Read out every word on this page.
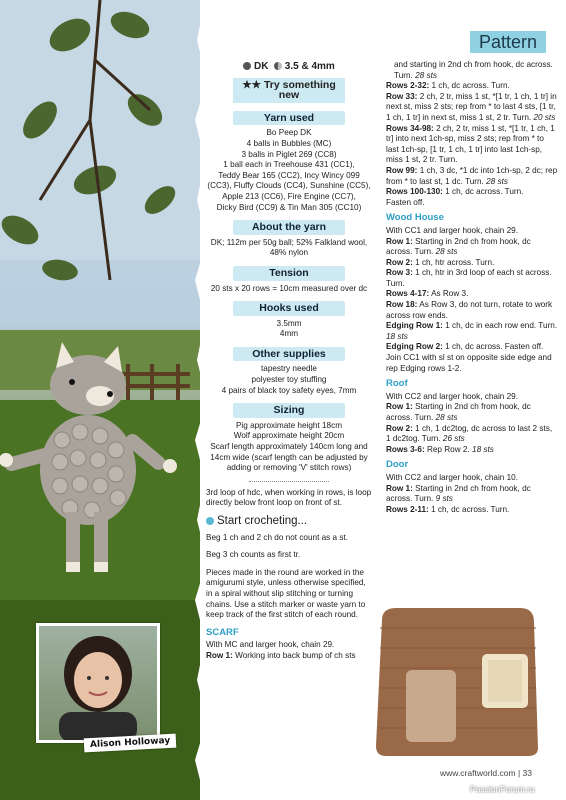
Pattern
DK 3.5 & 4mm
★★ Try something new
Yarn used
Bo Peep DK
4 balls in Bubbles (MC)
3 balls in Piglet 269 (CC8)
1 ball each in Treehouse 431 (CC1),
Teddy Bear 165 (CC2), Incy Wincy 099
(CC3), Fluffy Clouds (CC4), Sunshine (CC5),
Apple 213 (CC6), Fire Engine (CC7),
Dicky Bird (CC9) & Tin Man 305 (CC10)
About the yarn
DK; 112m per 50g ball; 52% Falkland wool, 48% nylon
Tension
20 sts x 20 rows = 10cm measured over dc
Hooks used
3.5mm
4mm
Other supplies
tapestry needle
polyester toy stuffing
4 pairs of black toy safety eyes, 7mm
Sizing
Pig approximate height 18cm
Wolf approximate height 20cm
Scarf length approximately 140cm long and 14cm wide (scarf length can be adjusted by adding or removing 'V' stitch rows)

3rd loop of hdc, when working in rows, is loop directly below front loop on front of st.

Start crocheting...

Beg 1 ch and 2 ch do not count as a st.

Beg 3 ch counts as first tr.

Pieces made in the round are worked in the amigurumi style, unless otherwise specified, in a spiral without slip stitching or turning chains. Use a stitch marker or waste yarn to keep track of the first stitch of each round.

SCARF
With MC and larger hook, chain 29.
Row 1: Working into back bump of ch sts
and starting in 2nd ch from hook, dc across. Turn. 28 sts
Rows 2-32: 1 ch, dc across. Turn.
Row 33: 2 ch, 2 tr, miss 1 st, *[1 tr, 1 ch, 1 tr] in next st, miss 2 sts; rep from * to last 4 sts, [1 tr, 1 ch, 1 tr] in next st, miss 1 st, 2 tr. Turn. 20 sts
Rows 34-98: 2 ch, 2 tr, miss 1 st, *[1 tr, 1 ch, 1 tr] into next 1ch-sp, miss 2 sts; rep from * to last 1ch-sp, [1 tr, 1 ch, 1 tr] into last 1ch-sp, miss 1 st, 2 tr. Turn.
Row 99: 1 ch, 3 dc, *1 dc into 1ch-sp, 2 dc; rep from * to last st, 1 dc. Turn. 28 sts
Rows 100-130: 1 ch, dc across. Turn.
Fasten off.
Wood House
With CC1 and larger hook, chain 29.
Row 1: Starting in 2nd ch from hook, dc across. Turn. 28 sts
Row 2: 1 ch, htr across. Turn.
Row 3: 1 ch, htr in 3rd loop of each st across. Turn.
Rows 4-17: As Row 3.
Row 18: As Row 3, do not turn, rotate to work across row ends.
Edging Row 1: 1 ch, dc in each row end. Turn. 18 sts
Edging Row 2: 1 ch, dc across. Fasten off.
Join CC1 with sl st on opposite side edge and rep Edging rows 1-2.
Roof
With CC2 and larger hook, chain 29.
Row 1: Starting in 2nd ch from hook, dc across. Turn. 28 sts
Row 2: 1 ch, 1 dc2tog, dc across to last 2 sts, 1 dc2tog. Turn. 26 sts
Rows 3-6: Rep Row 2. 18 sts
Door
With CC2 and larger hook, chain 10.
Row 1: Starting in 2nd ch from hook, dc across. Turn. 9 sts
Rows 2-11: 1 ch, dc across. Turn.
Alison Holloway
www.craftworld.com | 33
PassionForum.ru
